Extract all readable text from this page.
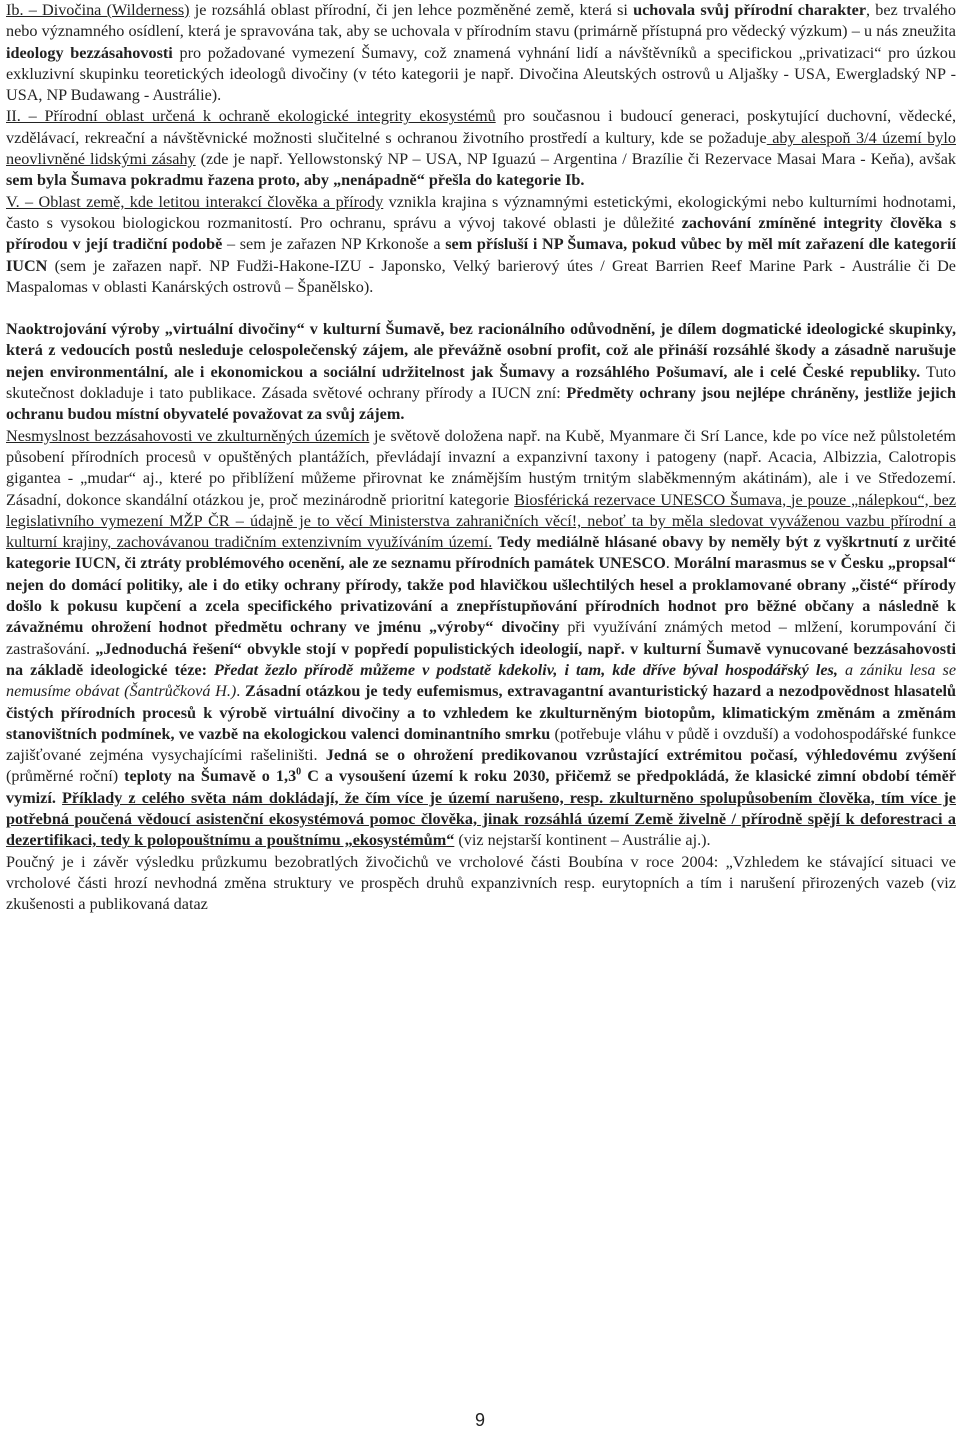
Ib. – Divočina (Wilderness) je rozsáhlá oblast přírodní, či jen lehce pozměněné země, která si uchovala svůj přírodní charakter, bez trvalého nebo významného osídlení, která je spravována tak, aby se uchovala v přírodním stavu (primárně přístupná pro vědecký výzkum) – u nás zneužita ideology bezzásahovosti pro požadované vymezení Šumavy, což znamená vyhnání lidí a návštěvníků a specifickou „privatizaci“ pro úzkou exkluzivní skupinku teoretických ideologů divočiny (v této kategorii je např. Divočina Aleutských ostrovů u Aljašky - USA, Ewergladský NP - USA, NP Budawang - Austrálie).

II. – Přírodní oblast určená k ochraně ekologické integrity ekosystémů pro současnou i budoucí generaci, poskytující duchovní, vědecké, vzdělávací, rekreační a návštěvnické možnosti slučitelné s ochranou životního prostředí a kultury, kde se požaduje aby alespoň 3/4 území bylo neovlivněné lidskými zásahy (zde je např. Yellowstonský NP – USA, NP Iguazú – Argentina / Brazílie či Rezervace Masai Mara - Keňa), avšak sem byla Šumava pokradmu řazena proto, aby „nenápadně“ přešla do kategorie Ib.

V. – Oblast země, kde letitou interakcí člověka a přírody vznikla krajina s významnými estetickými, ekologickými nebo kulturními hodnotami, často s vysokou biologickou rozmanitostí. Pro ochranu, správu a vývoj takové oblasti je důležité zachování zmíněné integrity člověka s přírodou v její tradiční podobě – sem je zařazen NP Krkonoše a sem přísluší i NP Šumava, pokud vůbec by měl mít zařazení dle kategorií IUCN (sem je zařazen např. NP Fudži-Hakone-IZU - Japonsko, Velký barierový útes / Great Barrien Reef Marine Park - Austrálie či De Maspalomas v oblasti Kanárských ostrovů – Španělsko).

Naoktrojování výroby „virtuální divočiny“ v kulturní Šumavě, bez racionálního odůvodnění, je dílem dogmatické ideologické skupinky, která z vedoucích postů nesleduje celospolečenský zájem, ale převážně osobní profit, což ale přináší rozsáhlé škody a zásadně narušuje nejen environmentální, ale i ekonomickou a sociální udržitelnost jak Šumavy a rozsáhlého Pošumaví, ale i celé České republiky. Tuto skutečnost dokladuje i tato publikace. Zásada světové ochrany přírody a IUCN zní: Předměty ochrany jsou nejlépe chráněny, jestliže jejich ochranu budou místní obyvatelé považovat za svůj zájem.

Nesmyslnost bezzásahovosti ve zkulturněných územích je světově doložena např. na Kubě, Myanmare či Srí Lance, kde po více než půlstoletém působení přírodních procesů v opuštěných plantážích, převládají invazní a expanzivní taxony i patogeny (např. Acacia, Albizzia, Calotropis gigantea - „mudar“ aj., které po přiblížení můžeme přirovnat ke známějším hustým trnitým slaběkmenným akátinám), ale i ve Středozemí. Zásadní, dokonce skandální otázkou je, proč mezinárodně prioritní kategorie Biosférická rezervace UNESCO Šumava, je pouze „nálepkou“, bez legislativního vymezení MŽP ČR – údajně je to věcí Ministerstva zahraničních věcí!, neboť ta by měla sledovat vyváženou vazbu přírodní a kulturní krajiny, zachovávanou tradičním extenzivním využíváním území. Tedy mediálně hlásané obavy by neměly být z vyškrtnutí z určité kategorie IUCN, či ztráty problémového ocenění, ale ze seznamu přírodních památek UNESCO. Morální marasmus se v Česku „propsal“ nejen do domácí politiky, ale i do etiky ochrany přírody, takže pod hlavičkou ušlechtilých hesel a proklamované obrany „čisté“ přírody došlo k pokusu kupčení a zcela specifického privatizování a znepřístupňování přírodních hodnot pro běžné občany a následně k závažnému ohrožení hodnot předmětu ochrany ve jménu „výroby“ divočiny při využívání známých metod – mlžení, korumpování či zastrašování. „Jednoduchá řešení“ obvykle stojí v popředí populistických ideologií, např. v kulturní Šumavě vynucované bezzásahovosti na základě ideologické téze: Předat žezlo přírodě můžeme v podstatě kdekoliv, i tam, kde dříve býval hospodářský les, a zániku lesa se nemusíme obávat (Šantrůčková H.). Zásadní otázkou je tedy eufemismus, extravagantní avanturistický hazard a nezodpovědnost hlasatelů čistých přírodních procesů k výrobě virtuální divočiny a to vzhledem ke zkulturněným biotopům, klimatickým změnám a změnám stanovištních podmínek, ve vazbě na ekologickou valenci dominantního smrku (potřebuje vláhu v půdě i ovzduší) a vodohospodářské funkce zajišťované zejména vysychajícími rašeliništi. Jedná se o ohrožení predikovanou vzrůstající extrémitou počasí, výhledovému zvýšení (průměrné roční) teploty na Šumavě o $1,3^0$ C a vysoušení území k roku 2030, přičemž se předpokládá, že klasické zimní období téměř vymizí. Příklady z celého světa nám dokládají, že čím více je území narušeno, resp. zkulturněno spolupůsobením člověka, tím více je potřebná poučená vědoucí asistenční ekosystémová pomoc člověka, jinak rozsáhlá území Země živelně / přírodně spějí k deforestraci a dezertifikaci, tedy k polopouštnímu a pouštnímu „ekosystémům“ (viz nejstarší kontinent – Austrálie aj.).

Poučný je i závěr výsledku průzkumu bezobratlých živočichů ve vrcholové části Boubína v roce 2004: „Vzhledem ke stávající situaci ve vrcholové části hrozí nevhodná změna struktury ve prospěch druhů expanzivních resp. eurytopních a tím i narušení přirozených vazeb (viz zkušenosti a publikovaná dataz

9
